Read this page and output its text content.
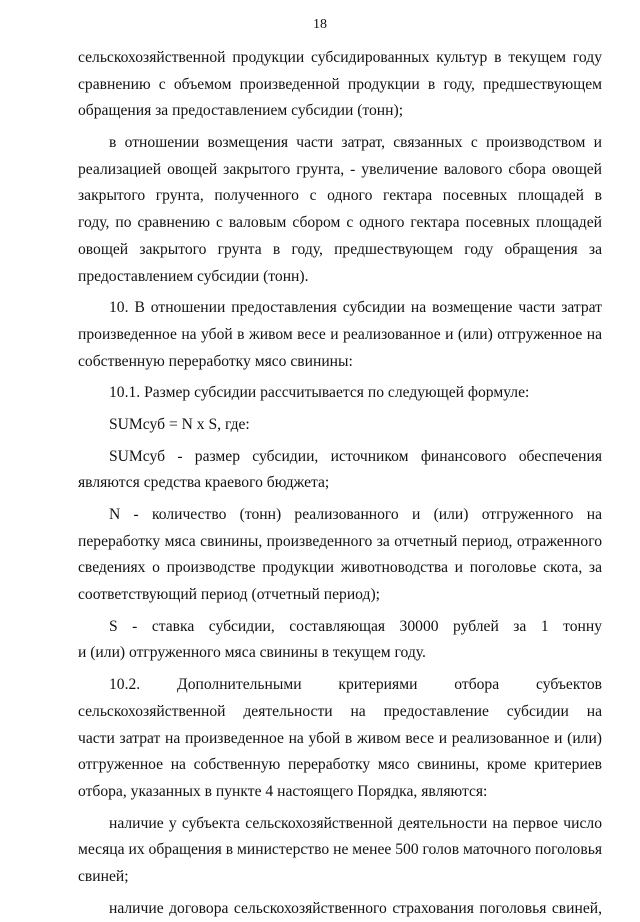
18
сельскохозяйственной продукции субсидированных культур в текущем году
сравнению с объемом произведенной продукции в году, предшествующем
обращения за предоставлением субсидии (тонн);
в отношении возмещения части затрат, связанных с производством и
реализацией овощей закрытого грунта, - увеличение валового сбора овощей
закрытого грунта, полученного с одного гектара посевных площадей в
году, по сравнению с валовым сбором с одного гектара посевных площадей
овощей закрытого грунта в году, предшествующем году обращения за
предоставлением субсидии (тонн).
10. В отношении предоставления субсидии на возмещение части затрат
произведенное на убой в живом весе и реализованное и (или) отгруженное на
собственную переработку мясо свинины:
10.1. Размер субсидии рассчитывается по следующей формуле:
SUMсуб = N x S, где:
SUMсуб - размер субсидии, источником финансового обеспечения
являются средства краевого бюджета;
N - количество (тонн) реализованного и (или) отгруженного на
переработку мяса свинины, произведенного за отчетный период, отраженного
сведениях о производстве продукции животноводства и поголовье скота, за
соответствующий период (отчетный период);
S - ставка субсидии, составляющая 30000 рублей за 1 тонну
и (или) отгруженного мяса свинины в текущем году.
10.2. Дополнительными критериями отбора субъектов
сельскохозяйственной деятельности на предоставление субсидии на
части затрат на произведенное на убой в живом весе и реализованное и (или)
отгруженное на собственную переработку мясо свинины, кроме критериев
отбора, указанных в пункте 4 настоящего Порядка, являются:
наличие у субъекта сельскохозяйственной деятельности на первое число
месяца их обращения в министерство не менее 500 голов маточного поголовья
свиней;
наличие договора сельскохозяйственного страхования поголовья свиней,
